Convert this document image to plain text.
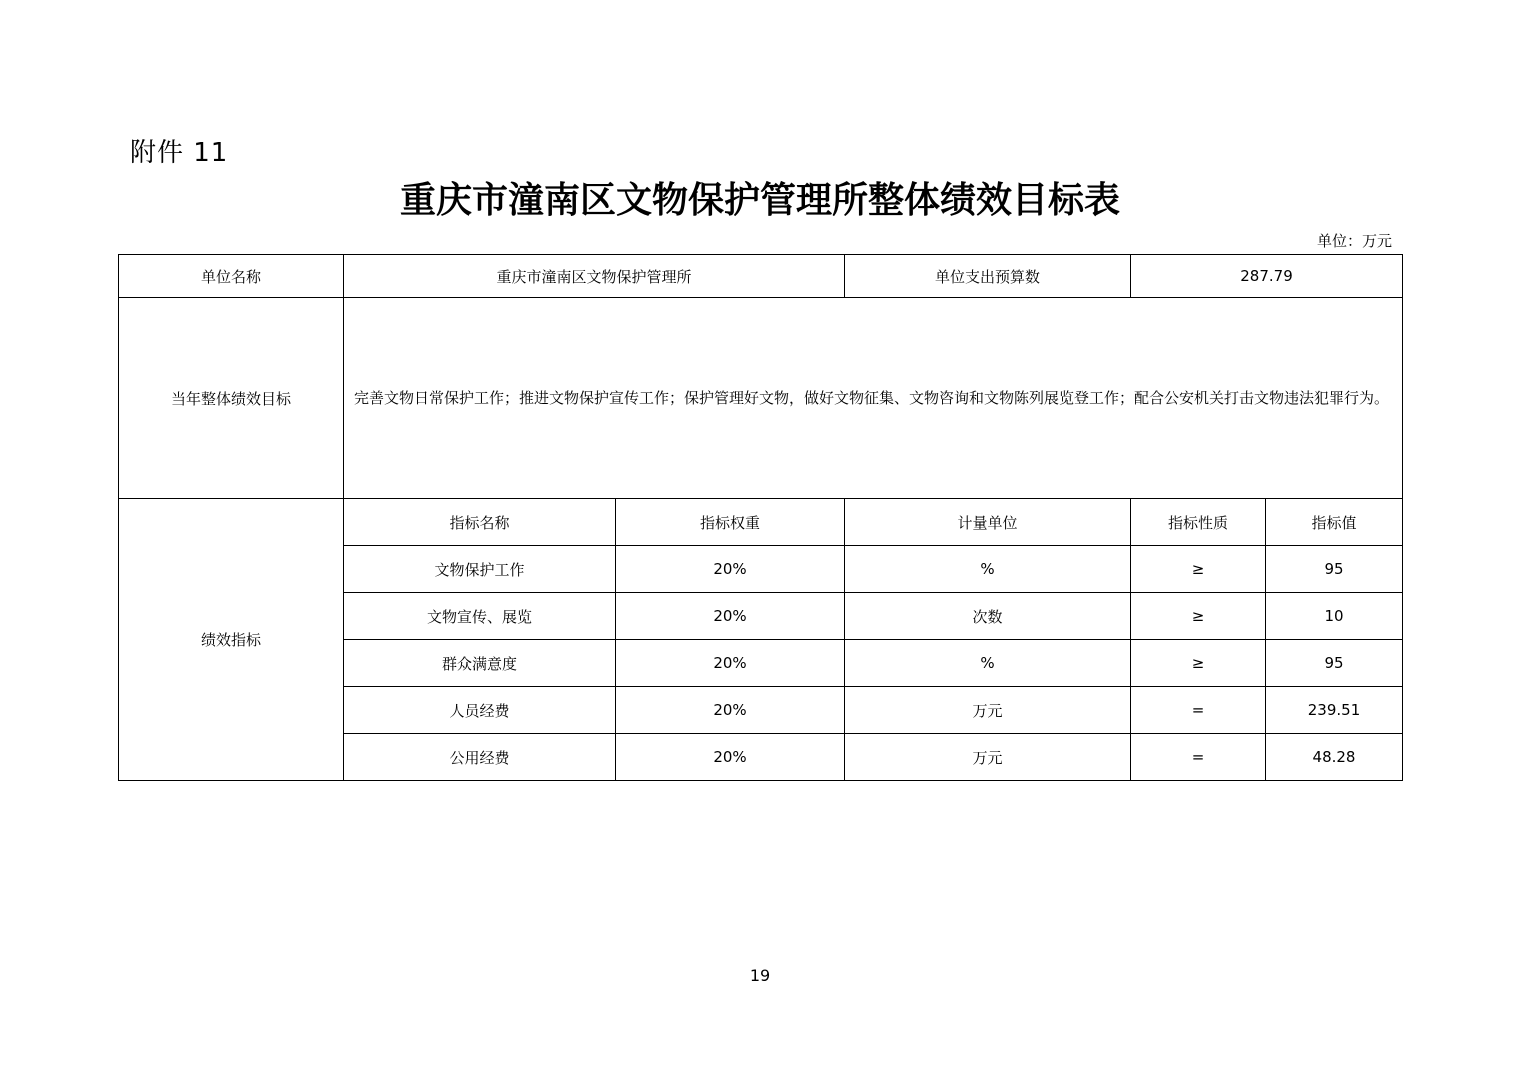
附件 11
重庆市潼南区文物保护管理所整体绩效目标表
单位：万元
单位名称	重庆市潼南区文物保护管理所		单位支出预算数	287.79	
当年整体绩效目标	完善文物日常保护工作；推进文物保护宣传工作；保护管理好文物，做好文物征集、文物咨询和文物陈列展览登工作；配合公安机关打击文物违法犯罪行为。				
绩效指标	指标名称	指标权重	计量单位	指标性质	指标值
	文物保护工作	20%	%	≥	95
	文物宣传、展览	20%	次数	≥	10
	群众满意度	20%	%	≥	95
	人员经费	20%	万元	=	239.51
	公用经费	20%	万元	=	48.28
19
